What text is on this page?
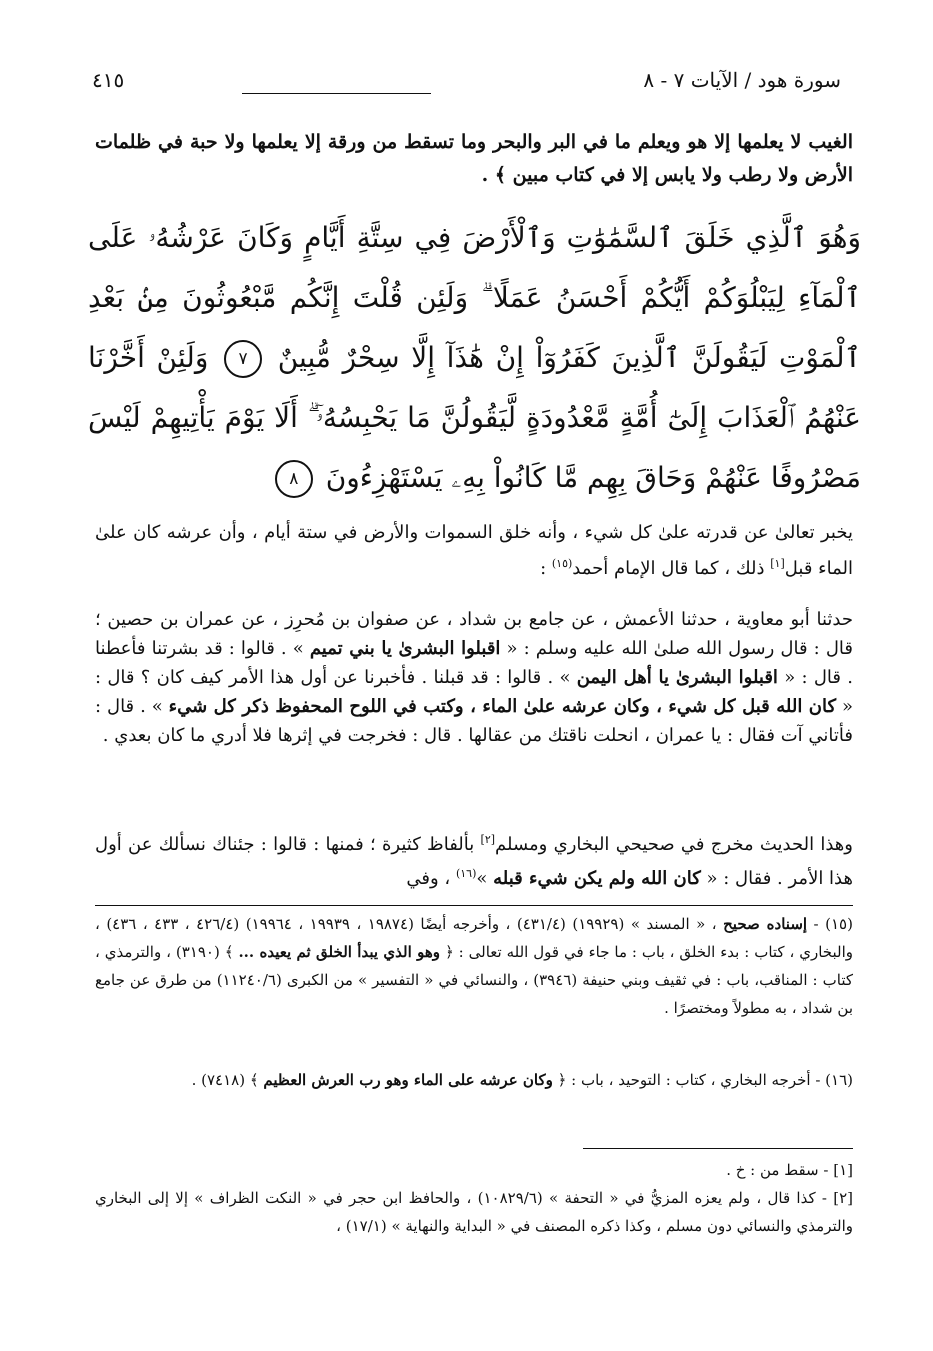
سورة هود / الآيات ٧ - ٨
٤١٥
الغيب لا يعلمها إلا هو ويعلم ما في البر والبحر وما تسقط من ورقة إلا يعلمها ولا حبة في ظلمات الأرض ولا رطب ولا يابس إلا في كتاب مبين ﴾ .
وَهُوَ ٱلَّذِي خَلَقَ ٱلسَّمَٰوَٰتِ وَٱلْأَرْضَ فِي سِتَّةِ أَيَّامٍ وَكَانَ عَرْشُهُۥ عَلَى ٱلْمَآءِ لِيَبْلُوَكُمْ أَيُّكُمْ أَحْسَنُ عَمَلًا ۗ وَلَئِن قُلْتَ إِنَّكُم مَّبْعُوثُونَ مِنۢ بَعْدِ ٱلْمَوْتِ لَيَقُولَنَّ ٱلَّذِينَ كَفَرُوٓاْ إِنْ هَٰذَآ إِلَّا سِحْرٌ مُّبِينٌ ٧ وَلَئِنْ أَخَّرْنَا عَنْهُمُ ٱلْعَذَابَ إِلَىٰٓ أُمَّةٍ مَّعْدُودَةٍ لَّيَقُولُنَّ مَا يَحْبِسُهُۥٓ ۗ أَلَا يَوْمَ يَأْتِيهِمْ لَيْسَ مَصْرُوفًا عَنْهُمْ وَحَاقَ بِهِم مَّا كَانُواْ بِهِۦ يَسْتَهْزِءُونَ ٨
يخبر تعالىٰ عن قدرته علىٰ كل شيء ، وأنه خلق السموات والأرض في ستة أيام ، وأن عرشه كان علىٰ الماء قبل[١] ذلك ، كما قال الإمام أحمد$^{(١٥)}$ :
حدثنا أبو معاوية ، حدثنا الأعمش ، عن جامع بن شداد ، عن صفوان بن مُحرِز ، عن عمران بن حصين ؛ قال : قال رسول الله صلىٰ الله عليه وسلم : « اقبلوا البشرىٰ يا بني تميم » . قالوا : قد بشرتنا فأعطنا . قال : « اقبلوا البشرىٰ يا أهل اليمن » . قالوا : قد قبلنا . فأخبرنا عن أول هذا الأمر كيف كان ؟ قال : « كان الله قبل كل شيء ، وكان عرشه علىٰ الماء ، وكتب في اللوح المحفوظ ذكر كل شيء » . قال : فأتاني آت فقال : يا عمران ، انحلت ناقتك من عقالها . قال : فخرجت في إثرها فلا أدري ما كان بعدي .
وهذا الحديث مخرج في صحيحي البخاري ومسلم[٢] بألفاظ كثيرة ؛ فمنها : قالوا : جئناك نسألك عن أول هذا الأمر . فقال : « كان الله ولم يكن شيء قبله »$^{(١٦)}$ ، وفي
(١٥) - إسناده صحيح ، « المسند » (١٩٩٢٩) (٤٣١/٤) ، وأخرجه أيضًا (١٩٨٧٤ ، ١٩٩٣٩ ، ١٩٩٦٤) (٤٢٦/٤ ، ٤٣٣ ، ٤٣٦) ، والبخاري ، كتاب : بدء الخلق ، باب : ما جاء في قول الله تعالى : ﴿ وهو الذي يبدأ الخلق ثم يعيده ... ﴾ (٣١٩٠) ، والترمذي ، كتاب : المناقب، باب : في ثقيف وبني حنيفة (٣٩٤٦) ، والنسائي في « التفسير » من الكبرى (١١٢٤٠/٦) من طرق عن جامع بن شداد ، به مطولاً ومختصرًا .
(١٦) - أخرجه البخاري ، كتاب : التوحيد ، باب : ﴿ وكان عرشه على الماء وهو رب العرش العظيم ﴾ (٧٤١٨) .
[١] - سقط من : خ .
[٢] - كذا قال ، ولم يعزه المزيُّ في « التحفة » (١٠٨٢٩/٦) ، والحافظ ابن حجر في « النكت الظراف » إلا إلى البخاري والترمذي والنسائي دون مسلم ، وكذا ذكره المصنف في « البداية والنهاية » (١٧/١) ،
